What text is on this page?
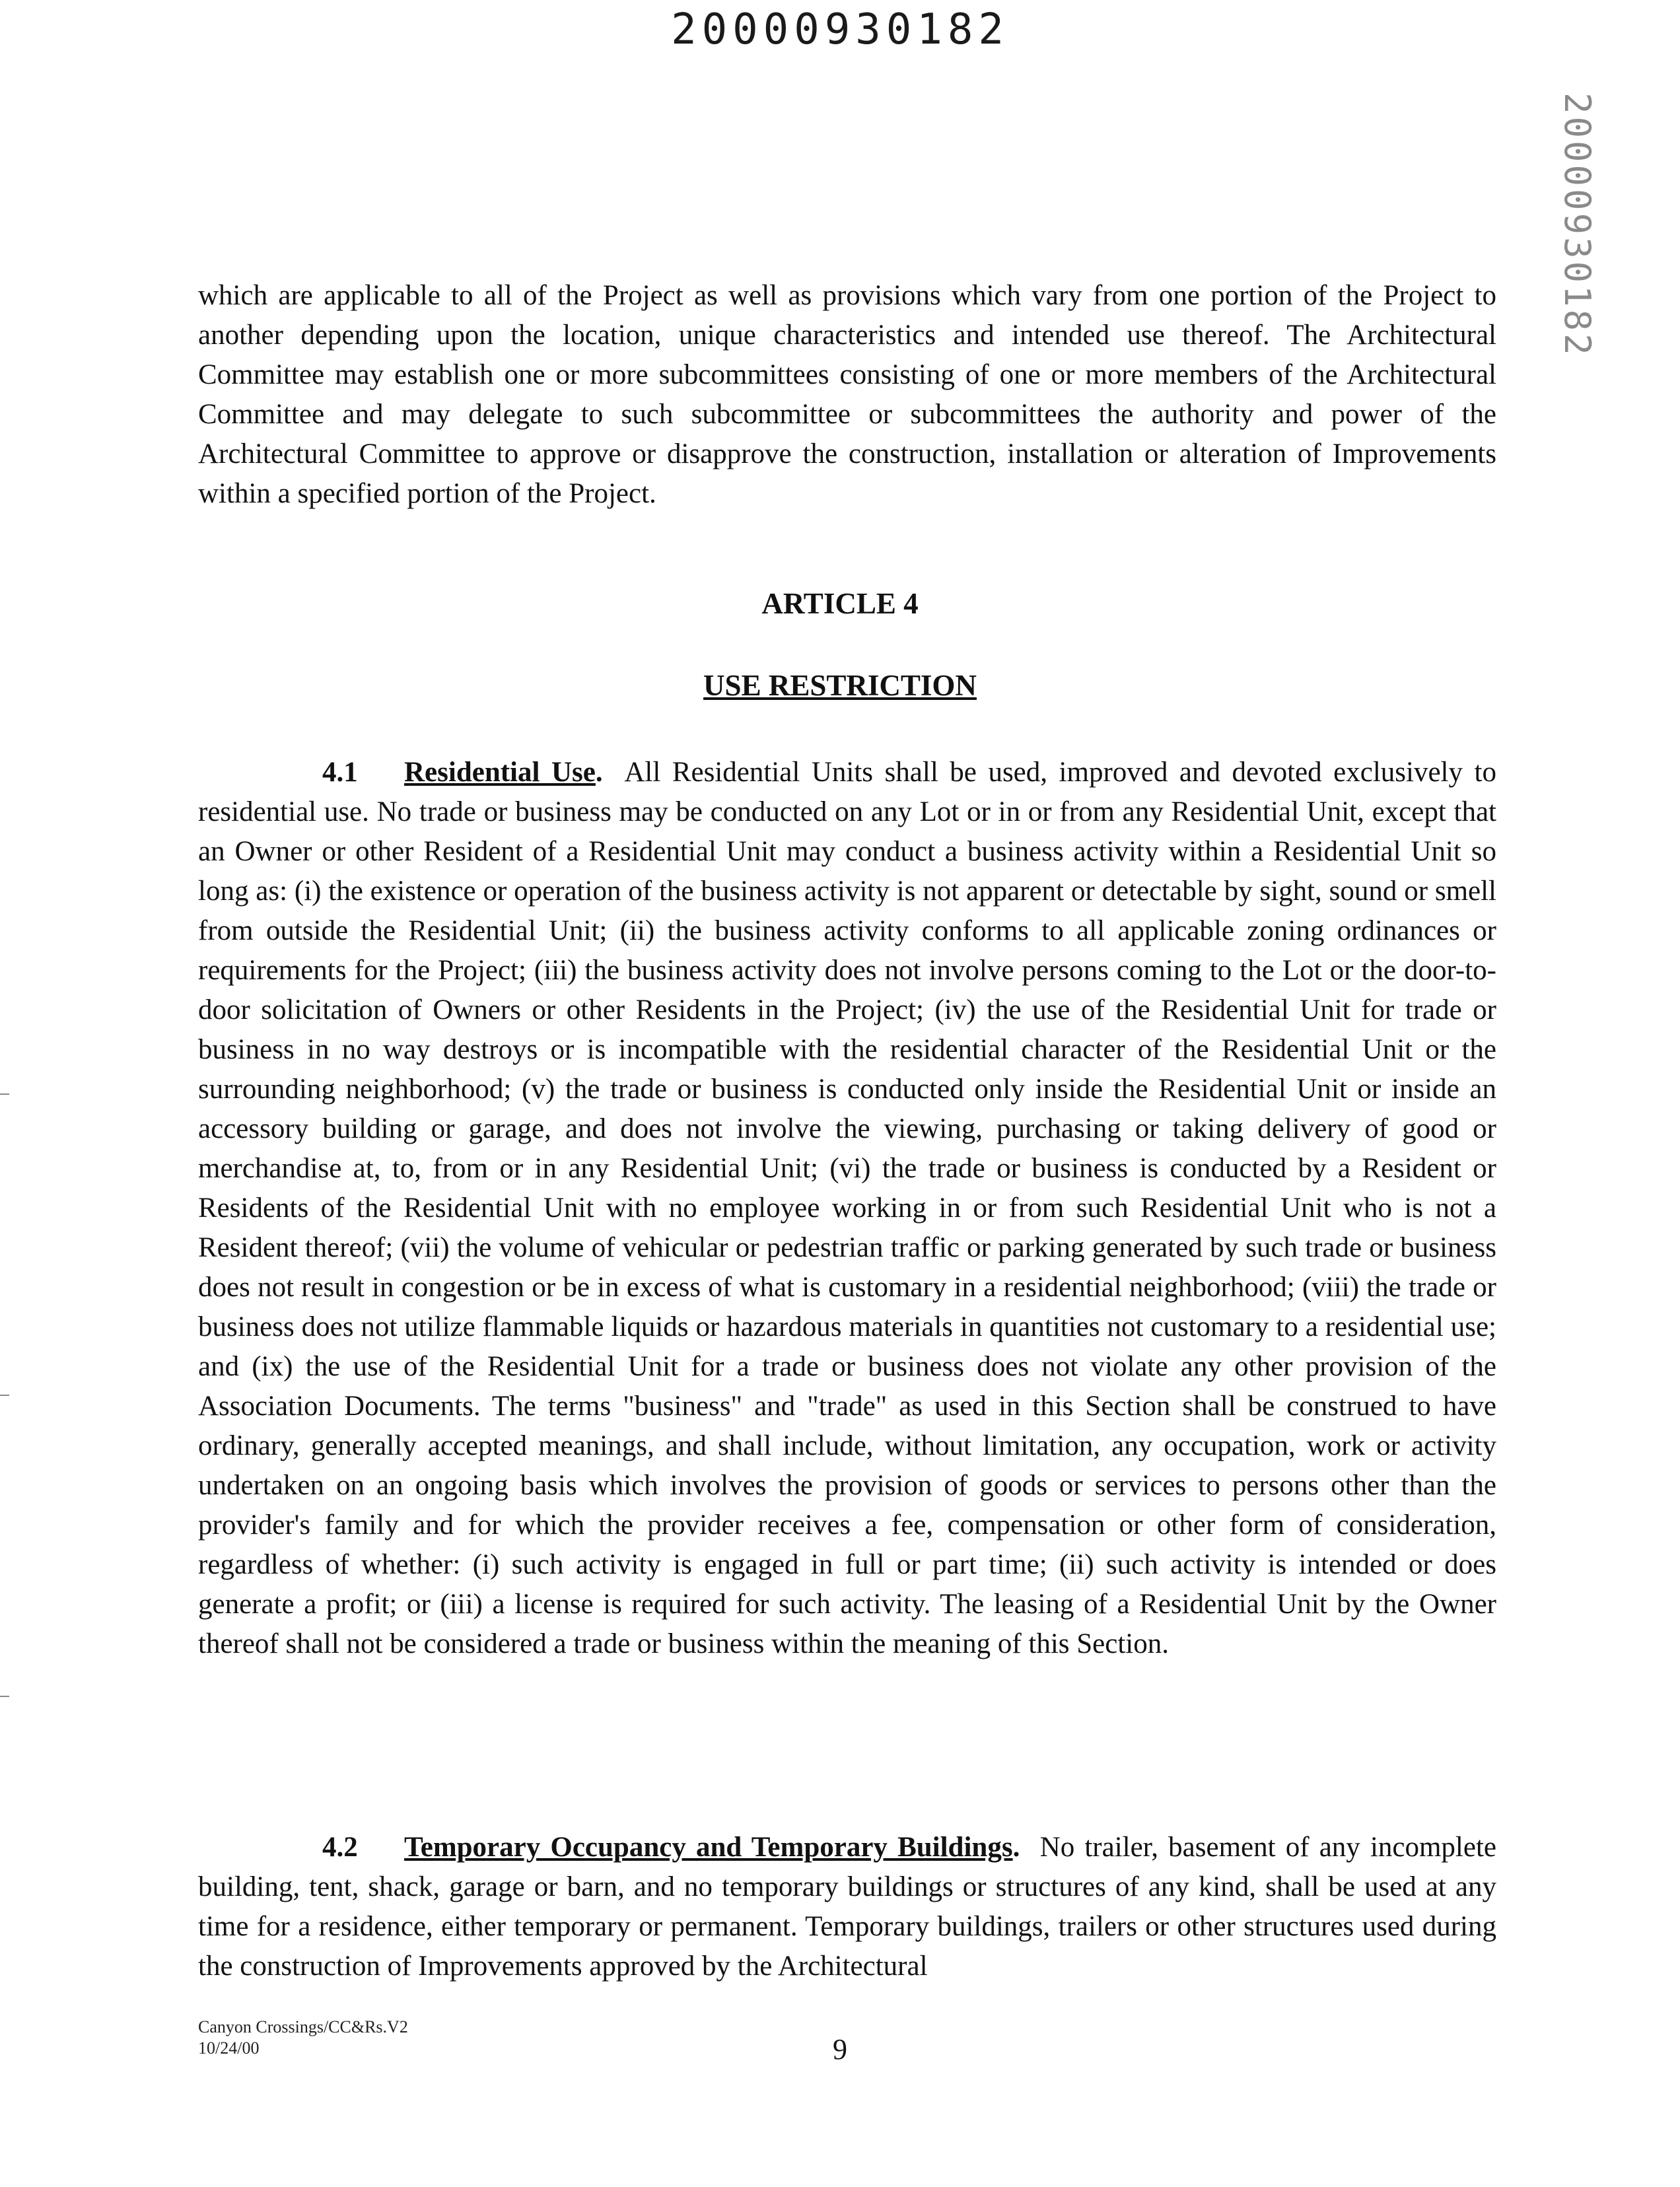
20000930182
20000930182

which are applicable to all of the Project as well as provisions which vary from one portion of the Project to another depending upon the location, unique characteristics and intended use thereof. The Architectural Committee may establish one or more subcommittees consisting of one or more members of the Architectural Committee and may delegate to such subcommittee or subcommittees the authority and power of the Architectural Committee to approve or disapprove the construction, installation or alteration of Improvements within a specified portion of the Project.

ARTICLE 4
USE RESTRICTION

4.1 Residential Use. All Residential Units shall be used, improved and devoted exclusively to residential use. No trade or business may be conducted on any Lot or in or from any Residential Unit, except that an Owner or other Resident of a Residential Unit may conduct a business activity within a Residential Unit so long as: (i) the existence or operation of the business activity is not apparent or detectable by sight, sound or smell from outside the Residential Unit; (ii) the business activity conforms to all applicable zoning ordinances or requirements for the Project; (iii) the business activity does not involve persons coming to the Lot or the door-to-door solicitation of Owners or other Residents in the Project; (iv) the use of the Residential Unit for trade or business in no way destroys or is incompatible with the residential character of the Residential Unit or the surrounding neighborhood; (v) the trade or business is conducted only inside the Residential Unit or inside an accessory building or garage, and does not involve the viewing, purchasing or taking delivery of good or merchandise at, to, from or in any Residential Unit; (vi) the trade or business is conducted by a Resident or Residents of the Residential Unit with no employee working in or from such Residential Unit who is not a Resident thereof; (vii) the volume of vehicular or pedestrian traffic or parking generated by such trade or business does not result in congestion or be in excess of what is customary in a residential neighborhood; (viii) the trade or business does not utilize flammable liquids or hazardous materials in quantities not customary to a residential use; and (ix) the use of the Residential Unit for a trade or business does not violate any other provision of the Association Documents. The terms "business" and "trade" as used in this Section shall be construed to have ordinary, generally accepted meanings, and shall include, without limitation, any occupation, work or activity undertaken on an ongoing basis which involves the provision of goods or services to persons other than the provider's family and for which the provider receives a fee, compensation or other form of consideration, regardless of whether: (i) such activity is engaged in full or part time; (ii) such activity is intended or does generate a profit; or (iii) a license is required for such activity. The leasing of a Residential Unit by the Owner thereof shall not be considered a trade or business within the meaning of this Section.

4.2 Temporary Occupancy and Temporary Buildings. No trailer, basement of any incomplete building, tent, shack, garage or barn, and no temporary buildings or structures of any kind, shall be used at any time for a residence, either temporary or permanent. Temporary buildings, trailers or other structures used during the construction of Improvements approved by the Architectural

Canyon Crossings/CC&Rs.V2
10/24/00	9
